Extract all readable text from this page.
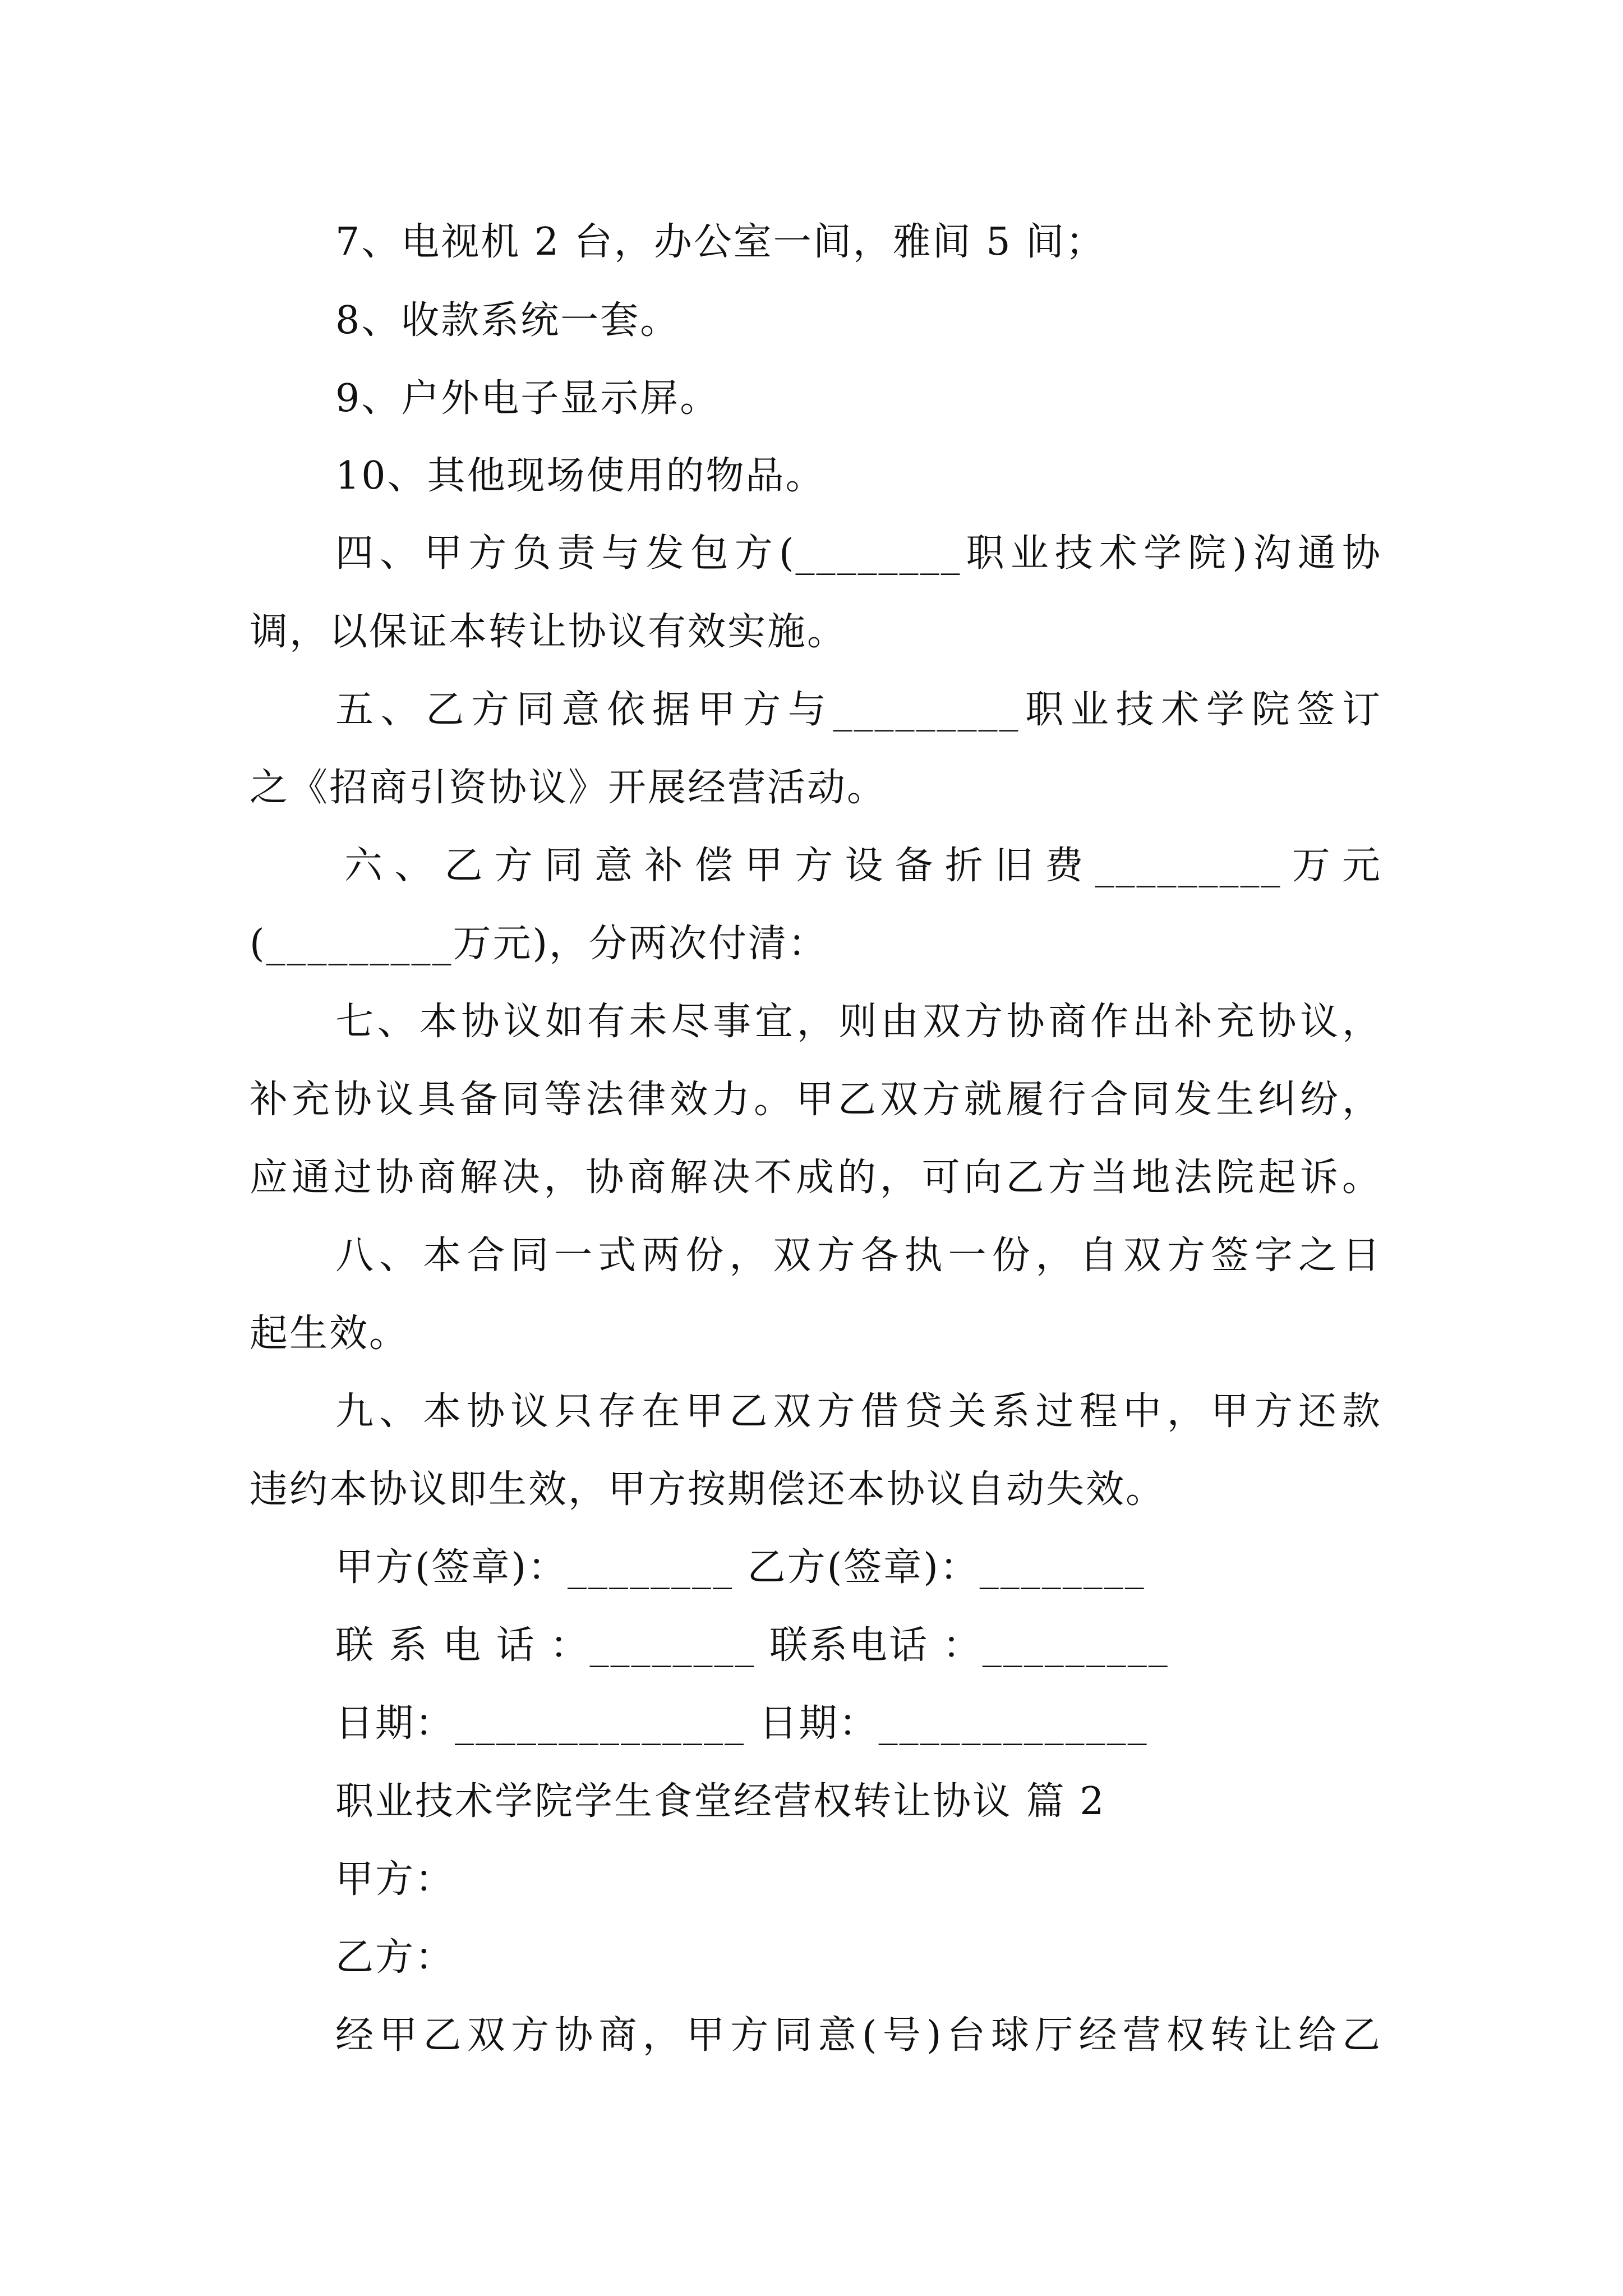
7、电视机 2 台，办公室一间，雅间 5 间；
8、收款系统一套。
9、户外电子显示屏。
10、其他现场使用的物品。
四、甲方负责与发包方(________职业技术学院)沟通协
调，以保证本转让协议有效实施。
五、乙方同意依据甲方与_________职业技术学院签订
之《招商引资协议》开展经营活动。
六、乙方同意补偿甲方设备折旧费_________万元
(_________万元)，分两次付清：
七、本协议如有未尽事宜，则由双方协商作出补充协议，
补充协议具备同等法律效力。甲乙双方就履行合同发生纠纷，
应通过协商解决，协商解决不成的，可向乙方当地法院起诉。
八、本合同一式两份，双方各执一份，自双方签字之日
起生效。
九、本协议只存在甲乙双方借贷关系过程中，甲方还款
违约本协议即生效，甲方按期偿还本协议自动失效。
甲方(签章)：________ 乙方(签章)：________
联 系 电 话 ：________ 联系电话 ：_________
日期：______________ 日期：_____________
职业技术学院学生食堂经营权转让协议 篇 2
甲方：
乙方：
经甲乙双方协商，甲方同意(号)台球厅经营权转让给乙
